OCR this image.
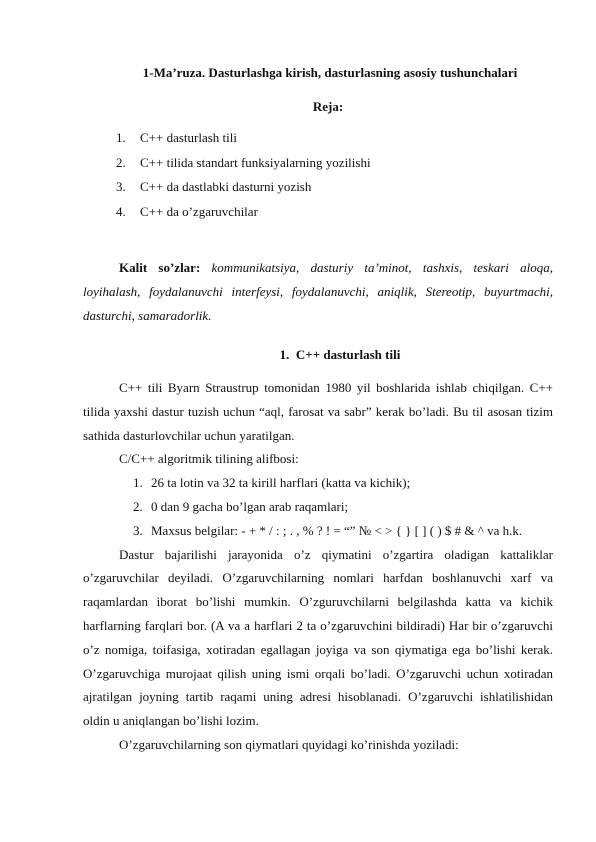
1-Ma’ruza. Dasturlashga kirish, dasturlasning asosiy tushunchalari
Reja:
1. C++ dasturlash tili
2. C++ tilida standart funksiyalarning yozilishi
3. C++ da dastlabki dasturni yozish
4. C++ da o’zgaruvchilar
Kalit so’zlar: kommunikatsiya, dasturiy ta’minot, tashxis, teskari aloqa, loyihalash, foydalanuvchi interfeysi, foydalanuvchi, aniqlik, Stereotip, buyurtmachi, dasturchi, samaradorlik.
1. C++ dasturlash tili
C++ tili Byarn Straustrup tomonidan 1980 yil boshlarida ishlab chiqilgan. C++ tilida yaxshi dastur tuzish uchun “aql, farosat va sabr” kerak bo’ladi. Bu til asosan tizim sathida dasturlovchilar uchun yaratilgan.
C/C++ algoritmik tilining alifbosi:
1. 26 ta lotin va 32 ta kirill harflari (katta va kichik);
2. 0 dan 9 gacha bo’lgan arab raqamlari;
3. Maxsus belgilar: - + * / : ; . , % ? ! = “” № < > { } [ ] ( ) $ # & ^ va h.k.
Dastur bajarilishi jarayonida o’z qiymatini o’zgartira oladigan kattaliklar o’zgaruvchilar deyiladi. O’zgaruvchilarning nomlari harfdan boshlanuvchi xarf va raqamlardan iborat bo’lishi mumkin. O’zguruvchilarni belgilashda katta va kichik harflarning farqlari bor. (A va a harflari 2 ta o’zgaruvchini bildiradi) Har bir o’zgaruvchi o’z nomiga, toifasiga, xotiradan egallagan joyiga va son qiymatiga ega bo’lishi kerak. O’zgaruvchiga murojaat qilish uning ismi orqali bo’ladi. O’zgaruvchi uchun xotiradan ajratilgan joyning tartib raqami uning adresi hisoblanadi. O’zgaruvchi ishlatilishidan oldin u aniqlangan bo’lishi lozim.
O’zgaruvchilarning son qiymatlari quyidagi ko’rinishda yoziladi:
